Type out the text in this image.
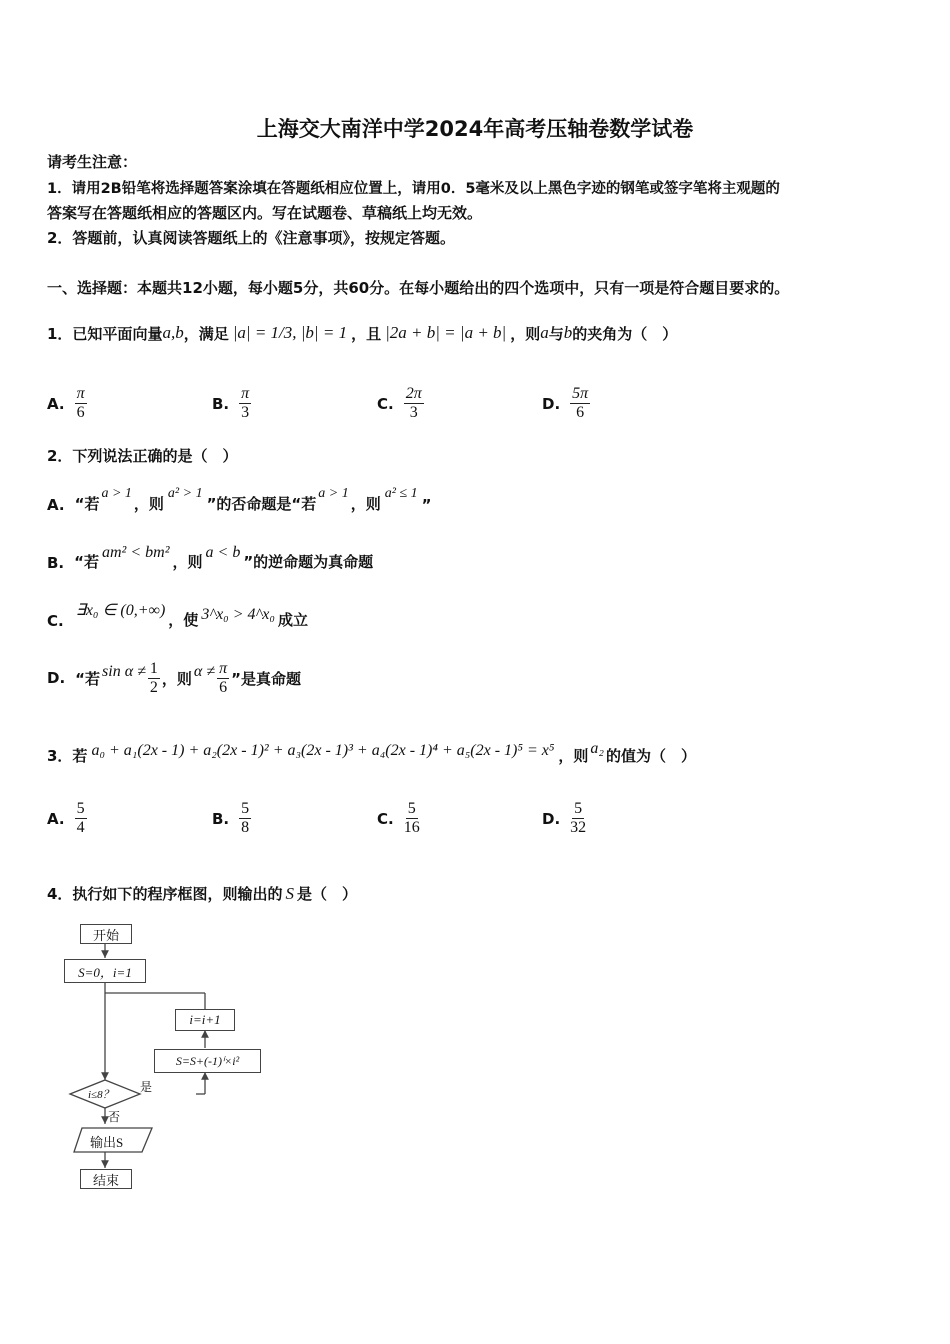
上海交大南洋中学2024年高考压轴卷数学试卷
请考生注意：
1．请用2B铅笔将选择题答案涂填在答题纸相应位置上，请用0．5毫米及以上黑色字迹的钢笔或签字笔将主观题的
答案写在答题纸相应的答题区内。写在试题卷、草稿纸上均无效。
2．答题前，认真阅读答题纸上的《注意事项》，按规定答题。
一、选择题：本题共12小题，每小题5分，共60分。在每小题给出的四个选项中，只有一项是符合题目要求的。
1．已知平面向量 a,b ，满足 |a| = 1/3, |b| = 1 ，且 |2a + b| = |a + b| ，则 a 与 b 的夹角为（　）
A. $\frac{\pi}{6}$	B. $\frac{\pi}{3}$	C. $\frac{2\pi}{3}$	D. $\frac{5\pi}{6}$
2．下列说法正确的是（　）
A. “若
a > 1
，则
a² > 1
”的否命题是“若
a > 1
，则
a² ≤ 1
”
B. “若
am² < bm²
，则
a < b
”的逆命题为真命题
C.
∃x₀ ∈ (0,+∞)
，使 3^x₀ > 4^x₀ 成立
D. “若 $\sin \alpha \ne \frac{1}{2}$ ，则 $\alpha \ne \frac{\pi}{6}$ ”是真命题
3．若 a₀ + a₁(2x - 1) + a₂(2x - 1)² + a₃(2x - 1)³ + a₄(2x - 1)⁴ + a₅(2x - 1)⁵ = x⁵ ，则 a₂ 的值为（　）
A. $\frac{5}{4}$	B. $\frac{5}{8}$	C. $\frac{5}{16}$	D. $\frac{5}{32}$
4．执行如下的程序框图，则输出的 S 是（　）
开始
S=0，i=1
i=i+1
S=S+(-1)ⁱ×i²
i≤8？
是
否
输出S
结束
